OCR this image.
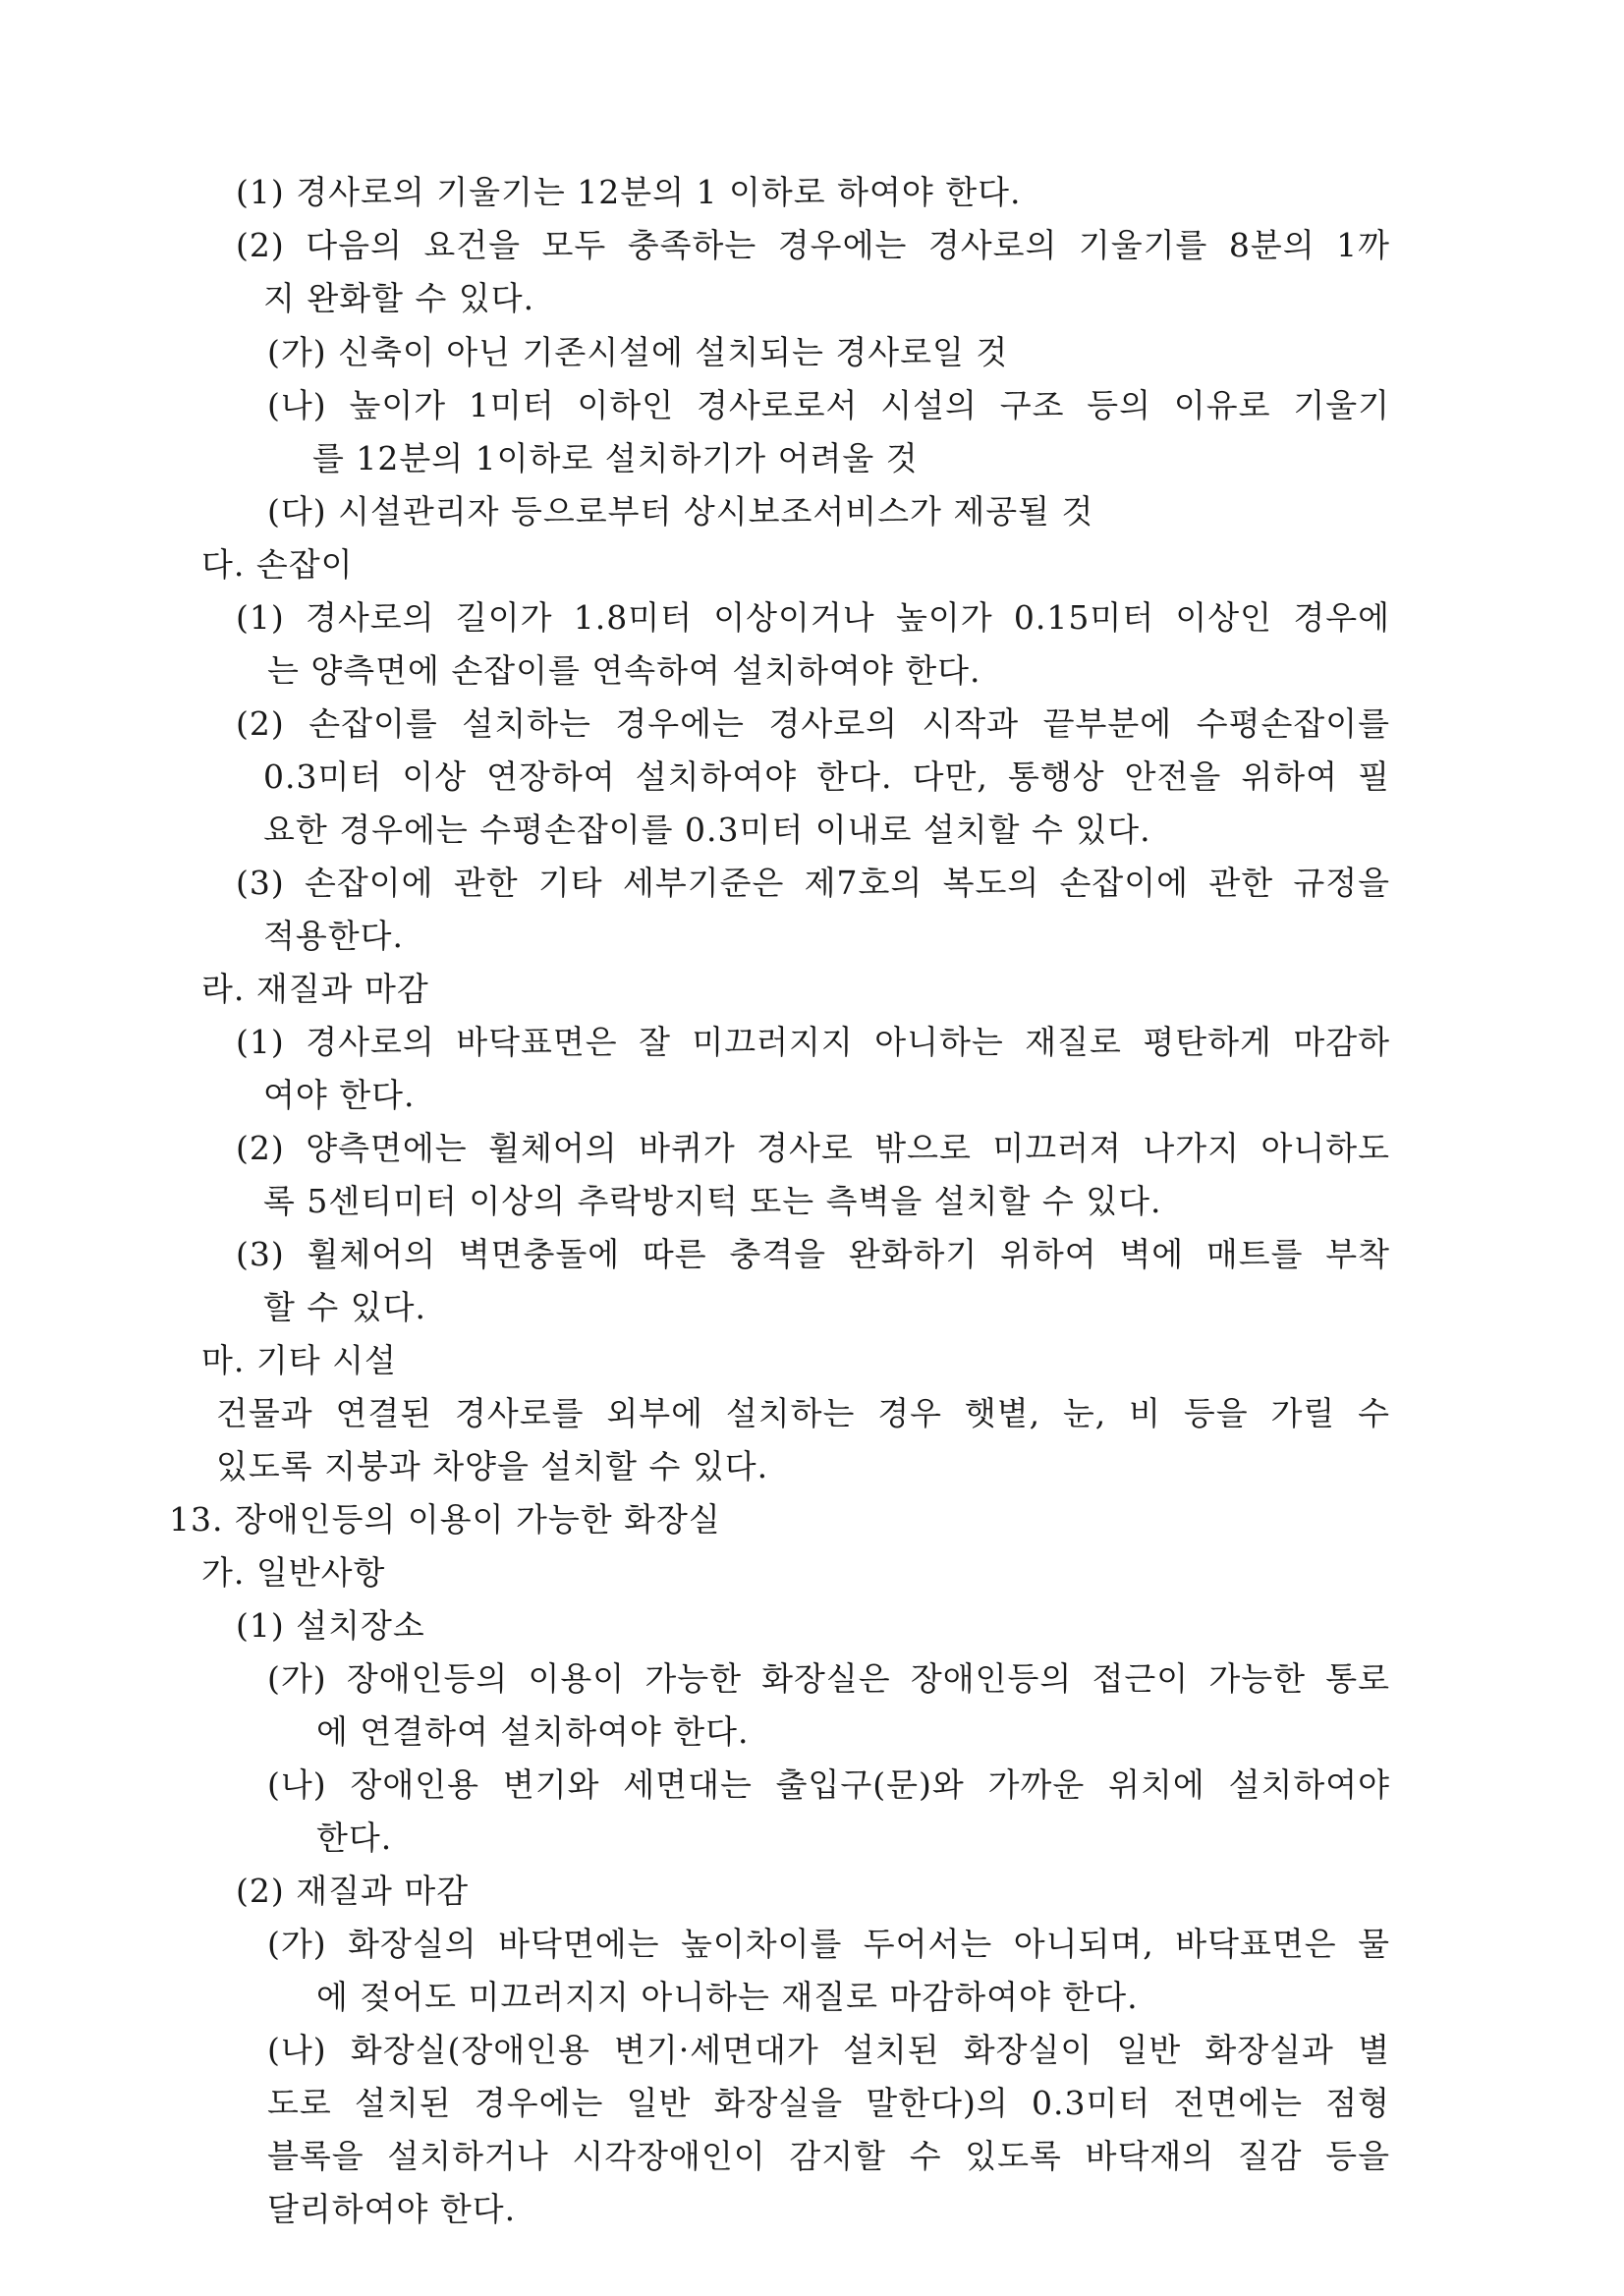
(1) 경사로의 기울기는 12분의 1 이하로 하여야 한다.

(2) 다음의 요건을 모두 충족하는 경우에는 경사로의 기울기를 8분의 1까

지 완화할 수 있다.

(가) 신축이 아닌 기존시설에 설치되는 경사로일 것

(나) 높이가 1미터 이하인 경사로로서 시설의 구조 등의 이유로 기울기

를 12분의 1이하로 설치하기가 어려울 것

(다) 시설관리자 등으로부터 상시보조서비스가 제공될 것

다. 손잡이

(1) 경사로의 길이가 1.8미터 이상이거나 높이가 0.15미터 이상인 경우에

는 양측면에 손잡이를 연속하여 설치하여야 한다.

(2) 손잡이를 설치하는 경우에는 경사로의 시작과 끝부분에 수평손잡이를

0.3미터 이상 연장하여 설치하여야 한다. 다만, 통행상 안전을 위하여 필

요한 경우에는 수평손잡이를 0.3미터 이내로 설치할 수 있다.

(3) 손잡이에 관한 기타 세부기준은 제7호의 복도의 손잡이에 관한 규정을

적용한다.

라. 재질과 마감

(1) 경사로의 바닥표면은 잘 미끄러지지 아니하는 재질로 평탄하게 마감하

여야 한다.

(2) 양측면에는 휠체어의 바퀴가 경사로 밖으로 미끄러져 나가지 아니하도

록 5센티미터 이상의 추락방지턱 또는 측벽을 설치할 수 있다.

(3) 휠체어의 벽면충돌에 따른 충격을 완화하기 위하여 벽에 매트를 부착

할 수 있다.

마. 기타 시설

건물과 연결된 경사로를 외부에 설치하는 경우 햇볕, 눈, 비 등을 가릴 수

있도록 지붕과 차양을 설치할 수 있다.

13. 장애인등의 이용이 가능한 화장실

가. 일반사항

(1) 설치장소

(가) 장애인등의 이용이 가능한 화장실은 장애인등의 접근이 가능한 통로

에 연결하여 설치하여야 한다.

(나) 장애인용 변기와 세면대는 출입구(문)와 가까운 위치에 설치하여야

한다.

(2) 재질과 마감

(가) 화장실의 바닥면에는 높이차이를 두어서는 아니되며, 바닥표면은 물

에 젖어도 미끄러지지 아니하는 재질로 마감하여야 한다.

(나) 화장실(장애인용 변기·세면대가 설치된 화장실이 일반 화장실과 별

도로 설치된 경우에는 일반 화장실을 말한다)의 0.3미터 전면에는 점형

블록을 설치하거나 시각장애인이 감지할 수 있도록 바닥재의 질감 등을

달리하여야 한다.
